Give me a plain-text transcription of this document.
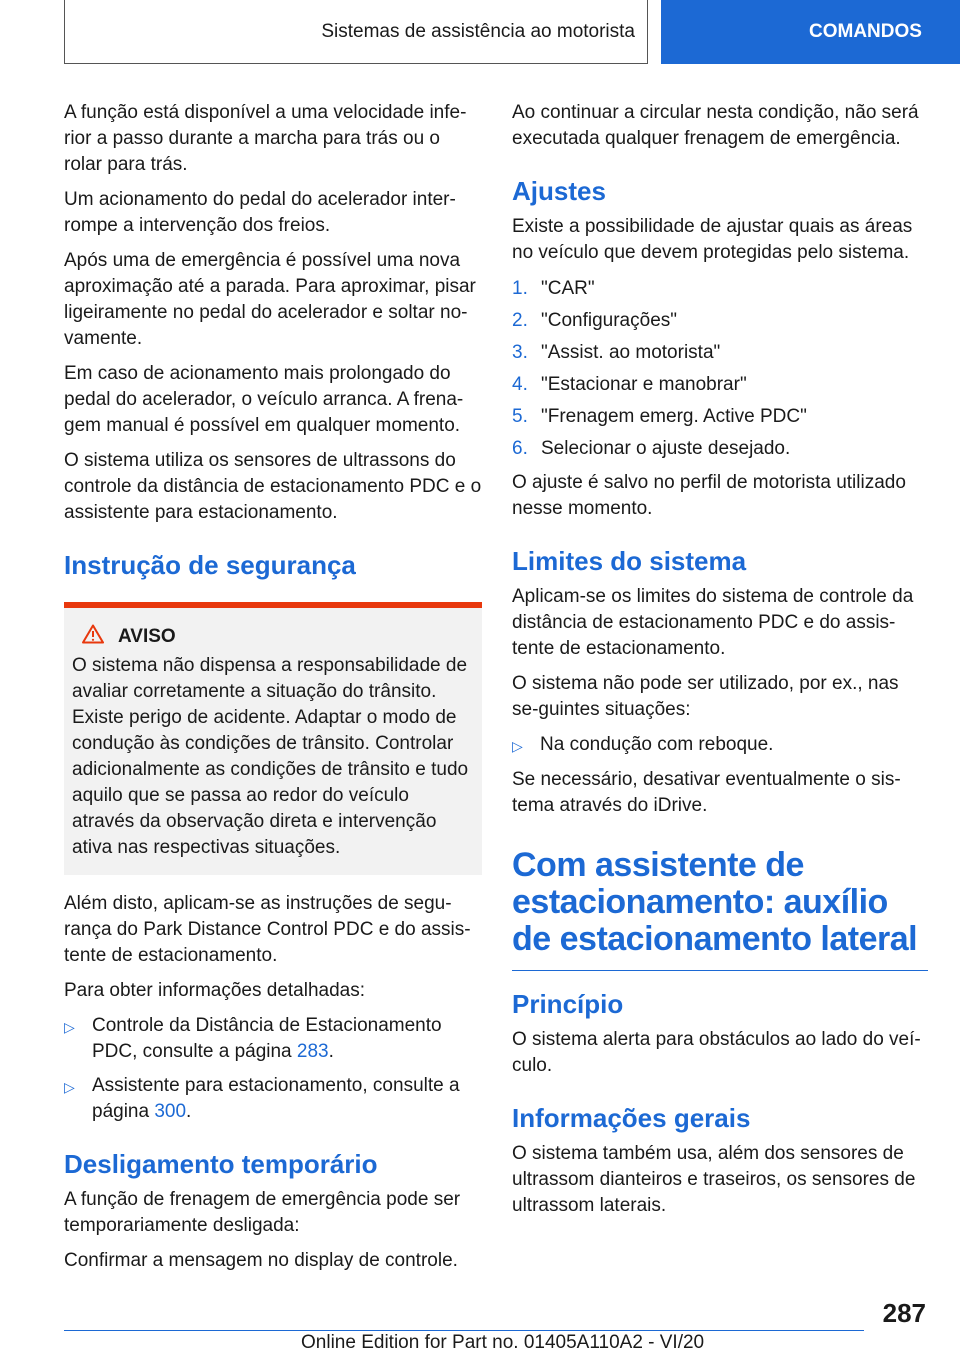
Sistemas de assistência ao motorista	COMANDOS

A função está disponível a uma velocidade infe-rior a passo durante a marcha para trás ou o rolar para trás.

Um acionamento do pedal do acelerador inter-rompe a intervenção dos freios.

Após uma de emergência é possível uma nova aproximação até a parada. Para aproximar, pisar ligeiramente no pedal do acelerador e soltar no-vamente.

Em caso de acionamento mais prolongado do pedal do acelerador, o veículo arranca. A frena-gem manual é possível em qualquer momento.

O sistema utiliza os sensores de ultrassons do controle da distância de estacionamento PDC e o assistente para estacionamento.

Instrução de segurança
AVISO

O sistema não dispensa a responsabilidade de avaliar corretamente a situação do trânsito. Existe perigo de acidente. Adaptar o modo de condução às condições de trânsito. Controlar adicionalmente as condições de trânsito e tudo aquilo que se passa ao redor do veículo através da observação direta e intervenção ativa nas respectivas situações.

Além disto, aplicam-se as instruções de segu-rança do Park Distance Control PDC e do assis-tente de estacionamento.

Para obter informações detalhadas:

▷ Controle da Distância de Estacionamento PDC, consulte a página 283.
▷ Assistente para estacionamento, consulte a página 300.
Desligamento temporário

A função de frenagem de emergência pode ser temporariamente desligada:

Confirmar a mensagem no display de controle.

Ao continuar a circular nesta condição, não será executada qualquer frenagem de emergência.

Ajustes

Existe a possibilidade de ajustar quais as áreas no veículo que devem protegidas pelo sistema.

1. "CAR"
2. "Configurações"
3. "Assist. ao motorista"
4. "Estacionar e manobrar"
5. "Frenagem emerg. Active PDC"
6. Selecionar o ajuste desejado.

O ajuste é salvo no perfil de motorista utilizado nesse momento.

Limites do sistema

Aplicam-se os limites do sistema de controle da distância de estacionamento PDC e do assis-tente de estacionamento.

O sistema não pode ser utilizado, por ex., nas se-guintes situações:

▷ Na condução com reboque.

Se necessário, desativar eventualmente o sis-tema através do iDrive.

Com assistente de estacionamento: auxílio de estacionamento lateral
Princípio

O sistema alerta para obstáculos ao lado do veí-culo.

Informações gerais

O sistema também usa, além dos sensores de ultrassom dianteiros e traseiros, os sensores de ultrassom laterais.

287
Online Edition for Part no. 01405A110A2 - VI/20
